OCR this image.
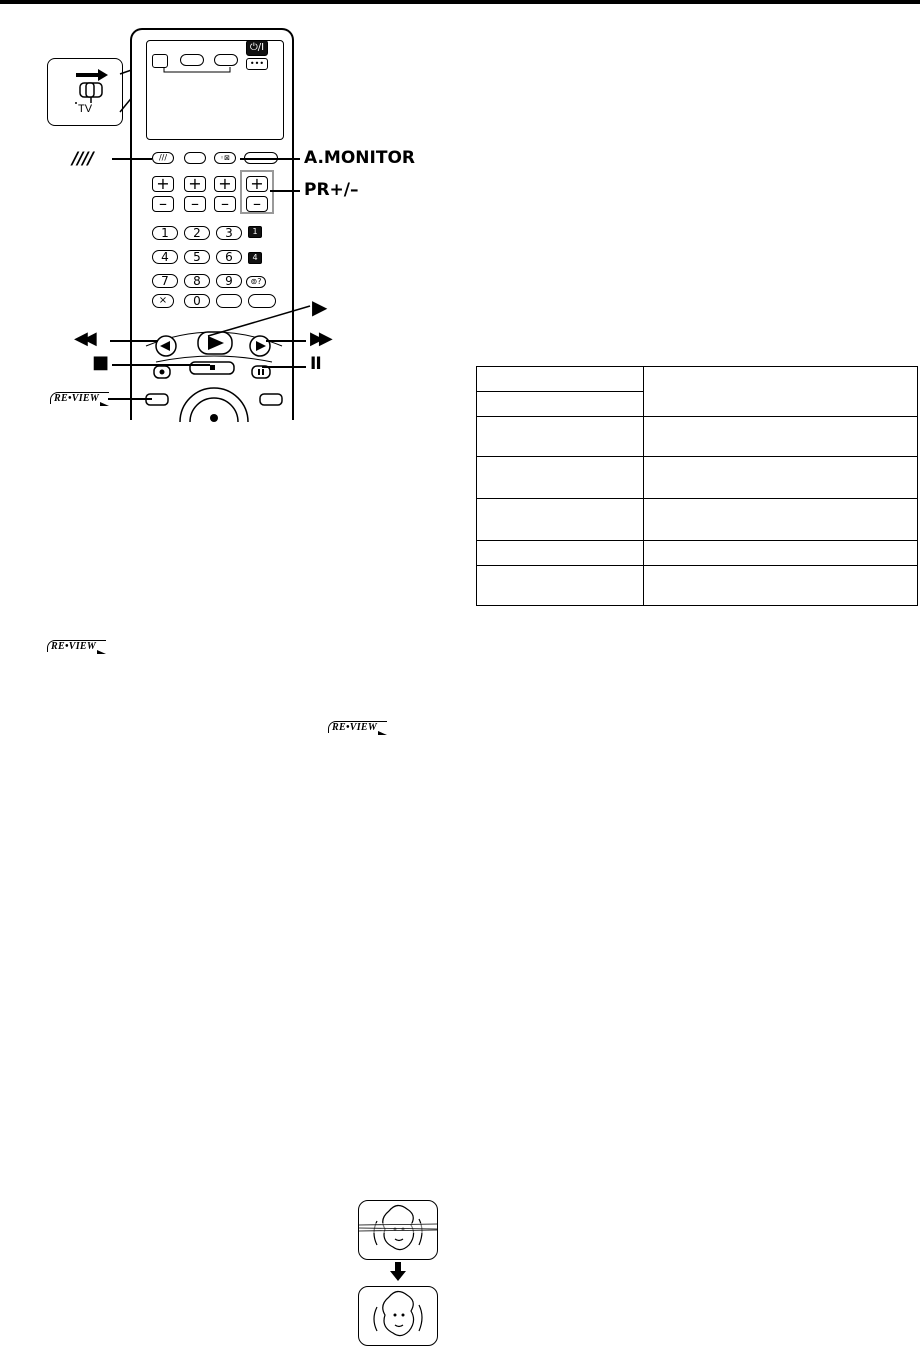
TV
⏻/I
•••
///	◦⊠
+ + + +
–	–	–	–
1	2	3
4	5	6
7	8	9
×	0
1
4
⊚?
////	A.MONITOR
PR+/–
▶
◀◀	▶▶
■	II
RE•VIEW
RE•VIEW
RE•VIEW
